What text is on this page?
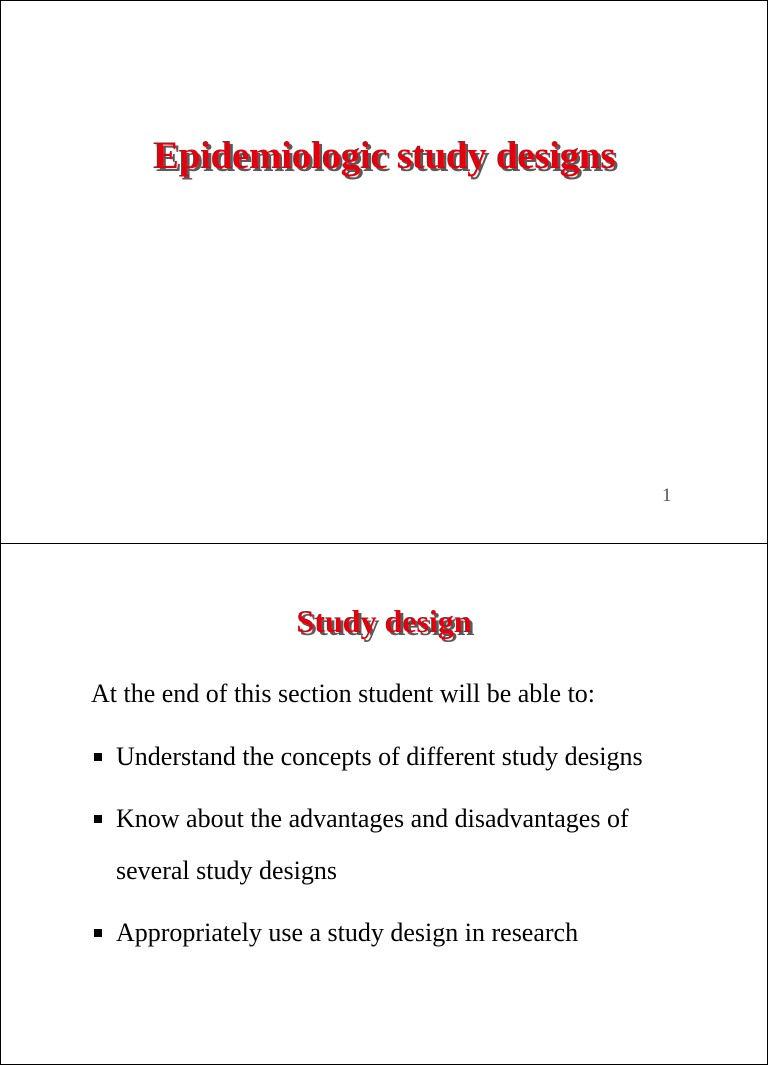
Epidemiologic study designs
1
Study design

At the end of this section student will be able to:

Understand the concepts of different study designs
Know about the advantages and disadvantages of several study designs
Appropriately use a study design in research
